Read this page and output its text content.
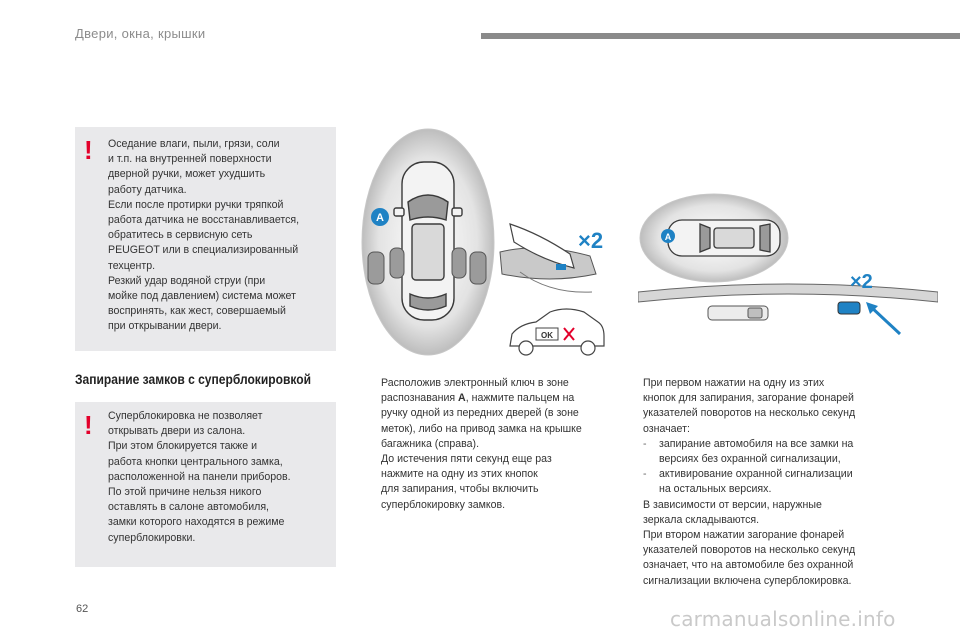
Двери, окна, крышки
! Оседание влаги, пыли, грязи, соли
и т.п. на внутренней поверхности
дверной ручки, может ухудшить
работу датчика.
Если после протирки ручки тряпкой
работа датчика не восстанавливается,
обратитесь в сервисную сеть
PEUGEOT или в специализированный
техцентр.
Резкий удар водяной струи (при
мойке под давлением) система может
воспринять, как жест, совершаемый
при открывании двери.
Запирание замков с суперблокировкой
! Суперблокировка не позволяет
открывать двери из салона.
При этом блокируется также и
работа кнопки центрального замка,
расположенной на панели приборов.
По этой причине нельзя никого
оставлять в салоне автомобиля,
замки которого находятся в режиме
суперблокировки.
A
×2
OK
A
×2
Расположив электронный ключ в зоне
распознавания A, нажмите пальцем на
ручку одной из передних дверей (в зоне
меток), либо на привод замка на крышке
багажника (справа).
До истечения пяти секунд еще раз
нажмите на одну из этих кнопок
для запирания, чтобы включить
суперблокировку замков.
При первом нажатии на одну из этих
кнопок для запирания, загорание фонарей
указателей поворотов на несколько секунд
означает:
- запирание автомобиля на все замки на
версиях без охранной сигнализации,
- активирование охранной сигнализации
на остальных версиях.
В зависимости от версии, наружные
зеркала складываются.
При втором нажатии загорание фонарей
указателей поворотов на несколько секунд
означает, что на автомобиле без охранной
сигнализации включена суперблокировка.
62	carmanualsonline.info
